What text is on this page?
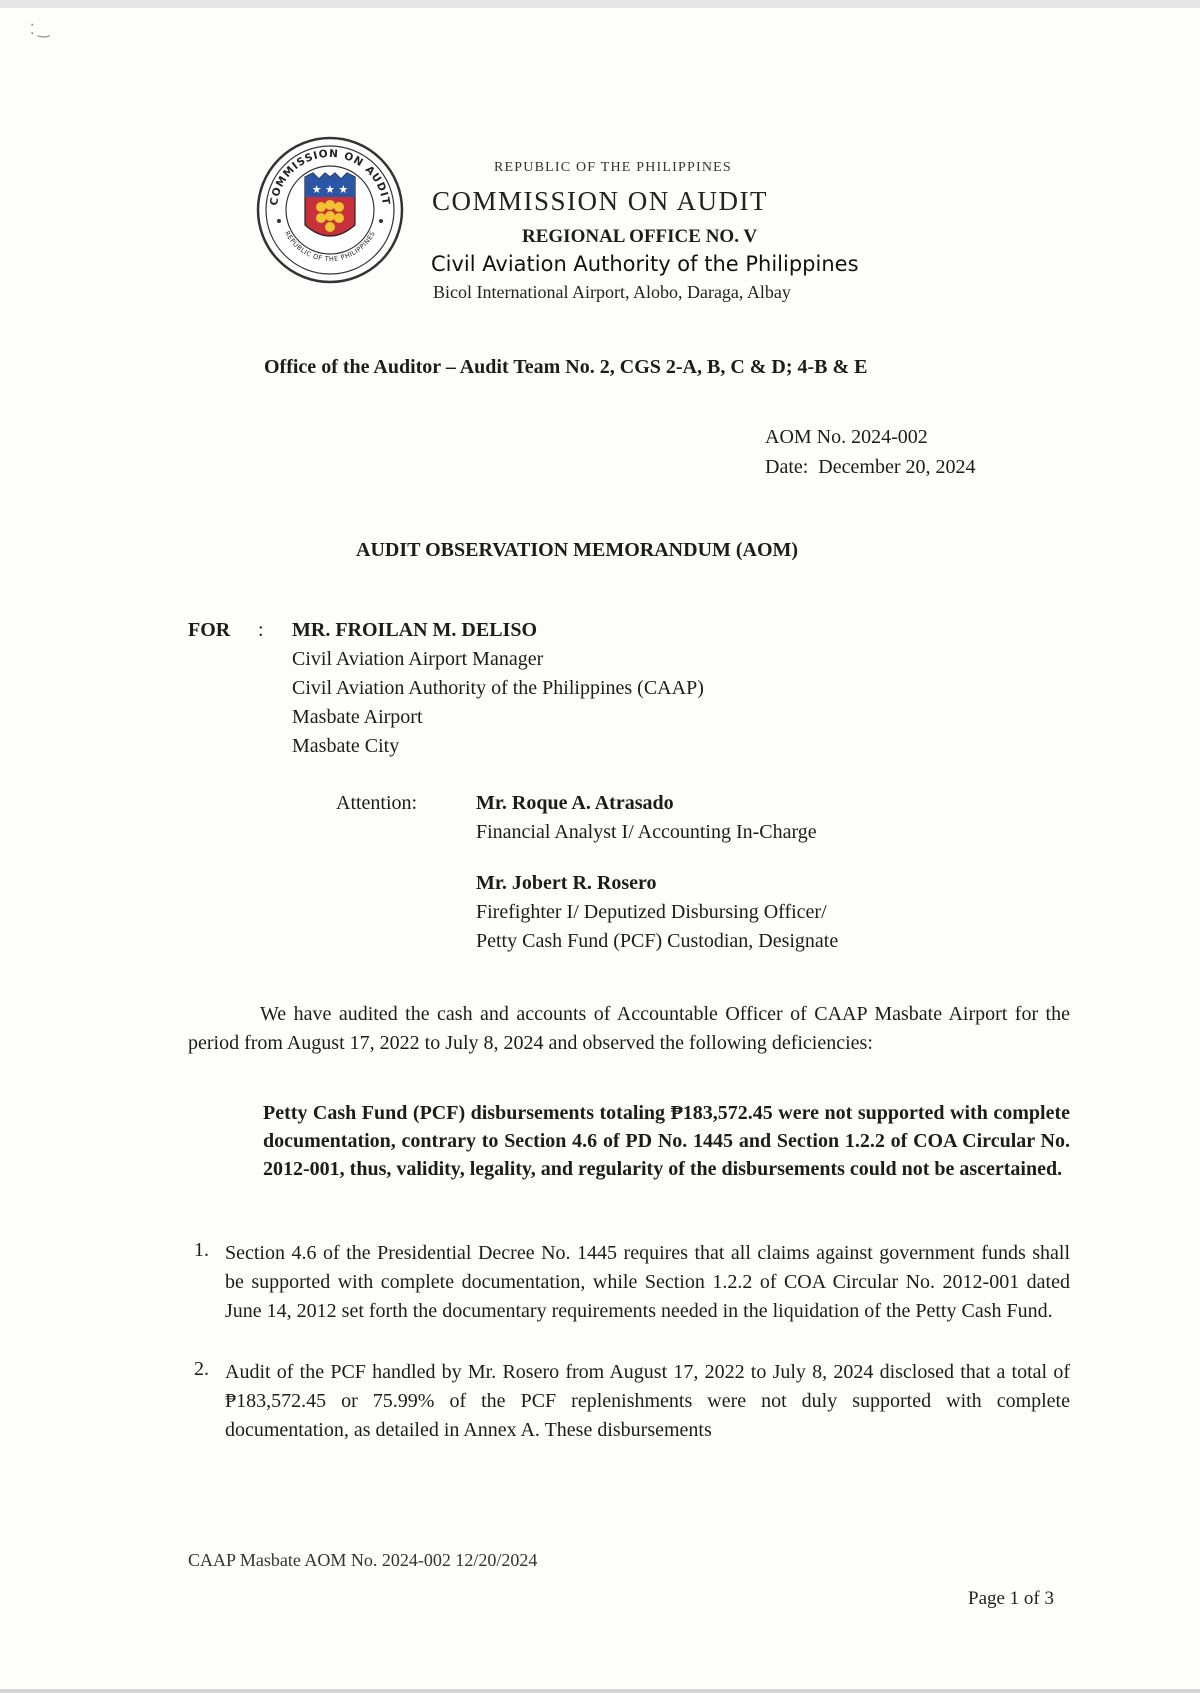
COMMISSION ON AUDIT
REPUBLIC OF THE PHILIPPINES
★ ★ ★
⁚ ‿
REPUBLIC OF THE PHILIPPINES
COMMISSION ON AUDIT
REGIONAL OFFICE NO. V
Civil Aviation Authority of the Philippines
Bicol International Airport, Alobo, Daraga, Albay
Office of the Auditor – Audit Team No. 2, CGS 2-A, B, C & D; 4-B & E
AOM No. 2024-002
Date:  December 20, 2024
AUDIT OBSERVATION MEMORANDUM (AOM)
FOR : MR. FROILAN M. DELISO
Civil Aviation Airport Manager
Civil Aviation Authority of the Philippines (CAAP)
Masbate Airport
Masbate City
Attention:	Mr. Roque A. Atrasado
Financial Analyst I/ Accounting In-Charge
Mr. Jobert R. Rosero
Firefighter I/ Deputized Disbursing Officer/
Petty Cash Fund (PCF) Custodian, Designate
We have audited the cash and accounts of Accountable Officer of CAAP Masbate Airport for the period from August 17, 2022 to July 8, 2024 and observed the following deficiencies:
Petty Cash Fund (PCF) disbursements totaling ₱183,572.45 were not supported with complete documentation, contrary to Section 4.6 of PD No. 1445 and Section 1.2.2 of COA Circular No. 2012-001, thus, validity, legality, and regularity of the disbursements could not be ascertained.
1. Section 4.6 of the Presidential Decree No. 1445 requires that all claims against government funds shall be supported with complete documentation, while Section 1.2.2 of COA Circular No. 2012-001 dated June 14, 2012 set forth the documentary requirements needed in the liquidation of the Petty Cash Fund.
2. Audit of the PCF handled by Mr. Rosero from August 17, 2022 to July 8, 2024 disclosed that a total of ₱183,572.45 or 75.99% of the PCF replenishments were not duly supported with complete documentation, as detailed in Annex A. These disbursements
CAAP Masbate AOM No. 2024-002 12/20/2024
Page 1 of 3
